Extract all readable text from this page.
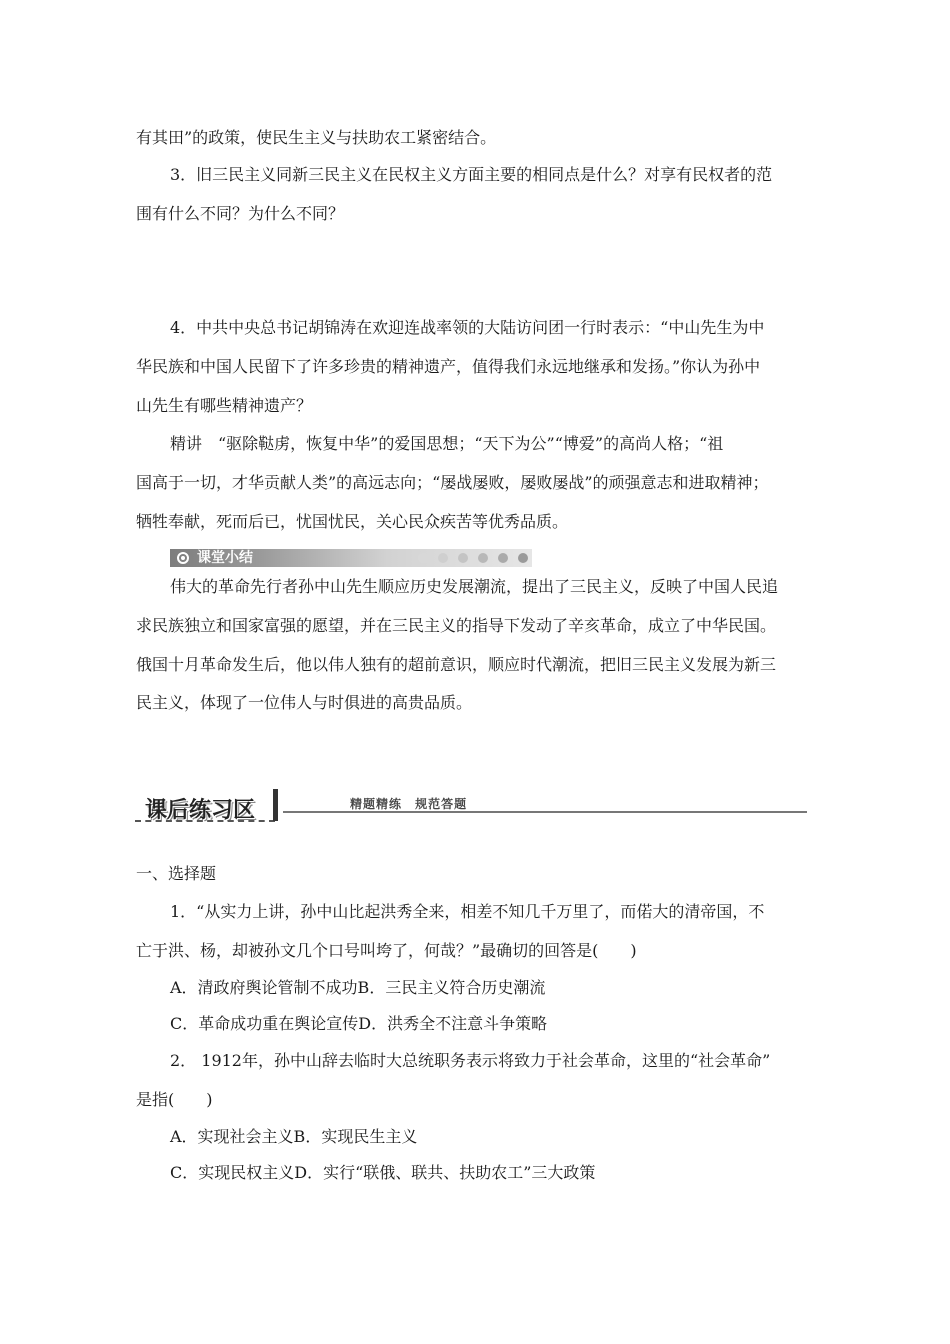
有其田”的政策，使民生主义与扶助农工紧密结合。
3．旧三民主义同新三民主义在民权主义方面主要的相同点是什么？对享有民权者的范
围有什么不同？为什么不同？
4．中共中央总书记胡锦涛在欢迎连战率领的大陆访问团一行时表示：“中山先生为中
华民族和中国人民留下了许多珍贵的精神遗产，值得我们永远地继承和发扬。”你认为孙中
山先生有哪些精神遗产？
精讲　“驱除鞑虏，恢复中华”的爱国思想；“天下为公”“博爱”的高尚人格；“祖
国高于一切，才华贡献人类”的高远志向；“屡战屡败，屡败屡战”的顽强意志和进取精神；
牺牲奉献，死而后已，忧国忧民，关心民众疾苦等优秀品质。
课堂小结
伟大的革命先行者孙中山先生顺应历史发展潮流，提出了三民主义，反映了中国人民追
求民族独立和国家富强的愿望，并在三民主义的指导下发动了辛亥革命，成立了中华民国。
俄国十月革命发生后，他以伟人独有的超前意识，顺应时代潮流，把旧三民主义发展为新三
民主义，体现了一位伟人与时俱进的高贵品质。
课后练习区	精题精练 规范答题
一、选择题
1．“从实力上讲，孙中山比起洪秀全来，相差不知几千万里了，而偌大的清帝国，不
亡于洪、杨，却被孙文几个口号叫垮了，何哉？”最确切的回答是(　　)
A．清政府舆论管制不成功B．三民主义符合历史潮流
C．革命成功重在舆论宣传D．洪秀全不注意斗争策略
2． 1912年，孙中山辞去临时大总统职务表示将致力于社会革命，这里的“社会革命”
是指(　　)
A．实现社会主义B．实现民生主义
C．实现民权主义D．实行“联俄、联共、扶助农工”三大政策
